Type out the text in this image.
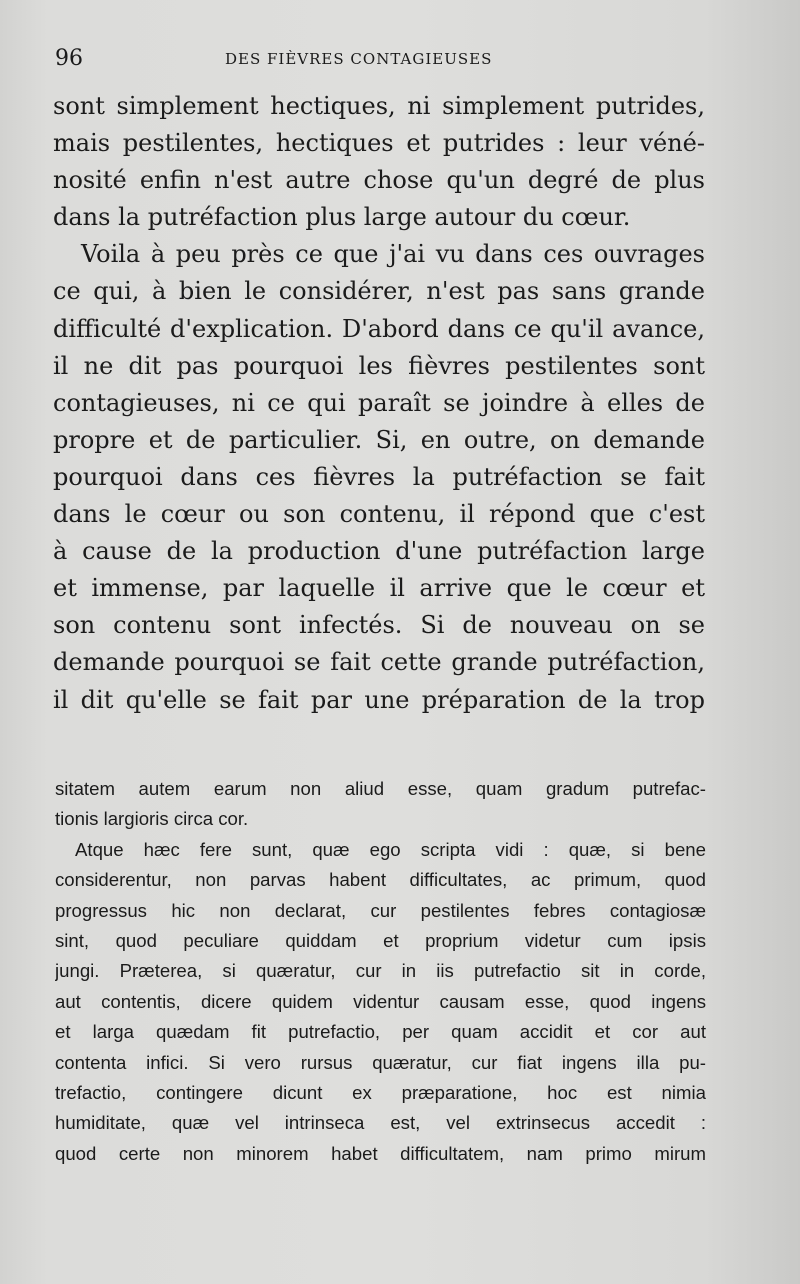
96	DES FIÈVRES CONTAGIEUSES
sont simplement hectiques, ni simplement putrides,
mais pestilentes, hectiques et putrides : leur véné-
nosité enfin n'est autre chose qu'un degré de plus
dans la putréfaction plus large autour du cœur.
Voila à peu près ce que j'ai vu dans ces ouvrages
ce qui, à bien le considérer, n'est pas sans grande
difficulté d'explication. D'abord dans ce qu'il avance,
il ne dit pas pourquoi les fièvres pestilentes sont
contagieuses, ni ce qui paraît se joindre à elles de
propre et de particulier. Si, en outre, on demande
pourquoi dans ces fièvres la putréfaction se fait
dans le cœur ou son contenu, il répond que c'est
à cause de la production d'une putréfaction large
et immense, par laquelle il arrive que le cœur et
son contenu sont infectés. Si de nouveau on se
demande pourquoi se fait cette grande putréfaction,
il dit qu'elle se fait par une préparation de la trop
sitatem autem earum non aliud esse, quam gradum putrefac-
tionis largioris circa cor.
Atque hæc fere sunt, quæ ego scripta vidi : quæ, si bene
considerentur, non parvas habent difficultates, ac primum, quod
progressus hic non declarat, cur pestilentes febres contagiosæ
sint, quod peculiare quiddam et proprium videtur cum ipsis
jungi. Præterea, si quæratur, cur in iis putrefactio sit in corde,
aut contentis, dicere quidem videntur causam esse, quod ingens
et larga quædam fit putrefactio, per quam accidit et cor aut
contenta infici. Si vero rursus quæratur, cur fiat ingens illa pu-
trefactio, contingere dicunt ex præparatione, hoc est nimia
humiditate, quæ vel intrinseca est, vel extrinsecus accedit :
quod certe non minorem habet difficultatem, nam primo mirum
